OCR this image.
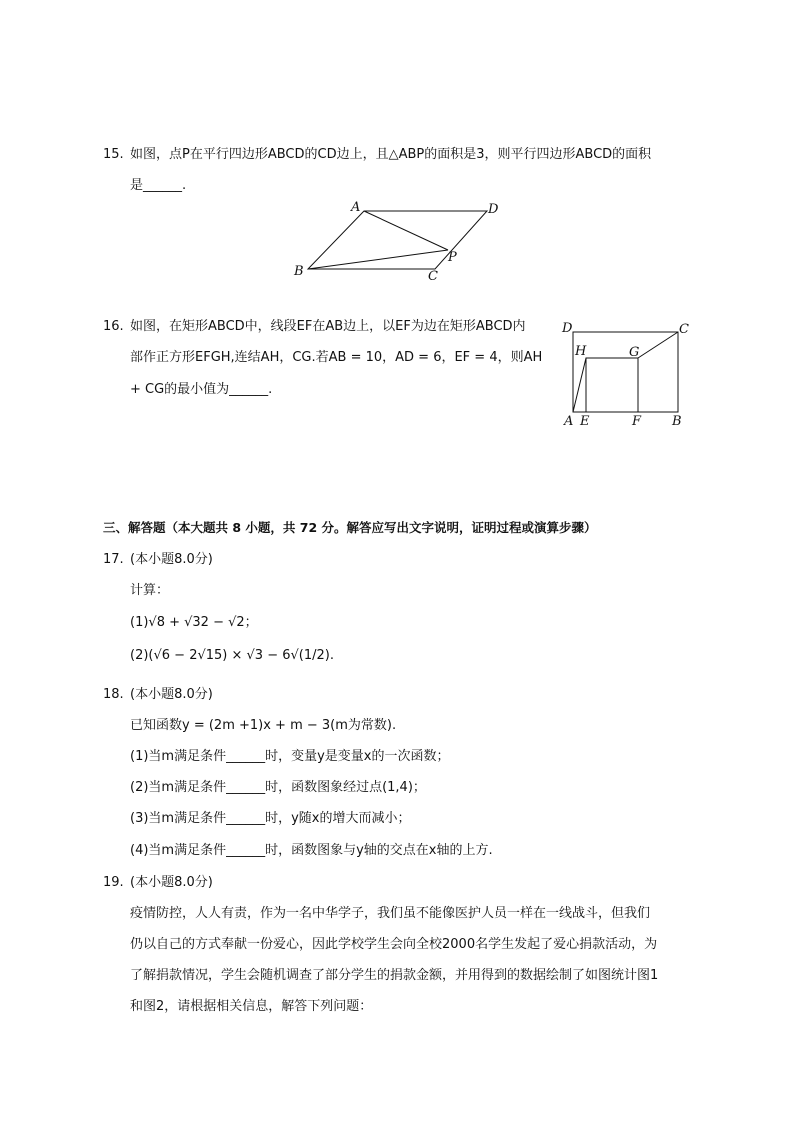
15. 如图，点P在平行四边形ABCD的CD边上，且△ABP的面积是3，则平行四边形ABCD的面积
是______.
A	D
P
B	C
16. 如图，在矩形ABCD中，线段EF在AB边上，以EF为边在矩形ABCD内
部作正方形EFGH,连结AH，CG.若AB = 10，AD = 6，EF = 4，则AH
+ CG的最小值为______.
D	C
H	G
A E	F B
三、解答题（本大题共 8 小题，共 72 分。解答应写出文字说明，证明过程或演算步骤）
17. (本小题8.0分)
计算：
(1)√8 + √32 − √2；
(2)(√6 − 2√15) × √3 − 6√(1/2).
18. (本小题8.0分)
已知函数y = (2m +1)x + m − 3(m为常数).
(1)当m满足条件______时，变量y是变量x的一次函数；
(2)当m满足条件______时，函数图象经过点(1,4)；
(3)当m满足条件______时，y随x的增大而减小；
(4)当m满足条件______时，函数图象与y轴的交点在x轴的上方.
19. (本小题8.0分)
疫情防控，人人有责，作为一名中华学子，我们虽不能像医护人员一样在一线战斗，但我们
仍以自己的方式奉献一份爱心，因此学校学生会向全校2000名学生发起了爱心捐款活动，为
了解捐款情况，学生会随机调查了部分学生的捐款金额，并用得到的数据绘制了如图统计图1
和图2，请根据相关信息，解答下列问题：
